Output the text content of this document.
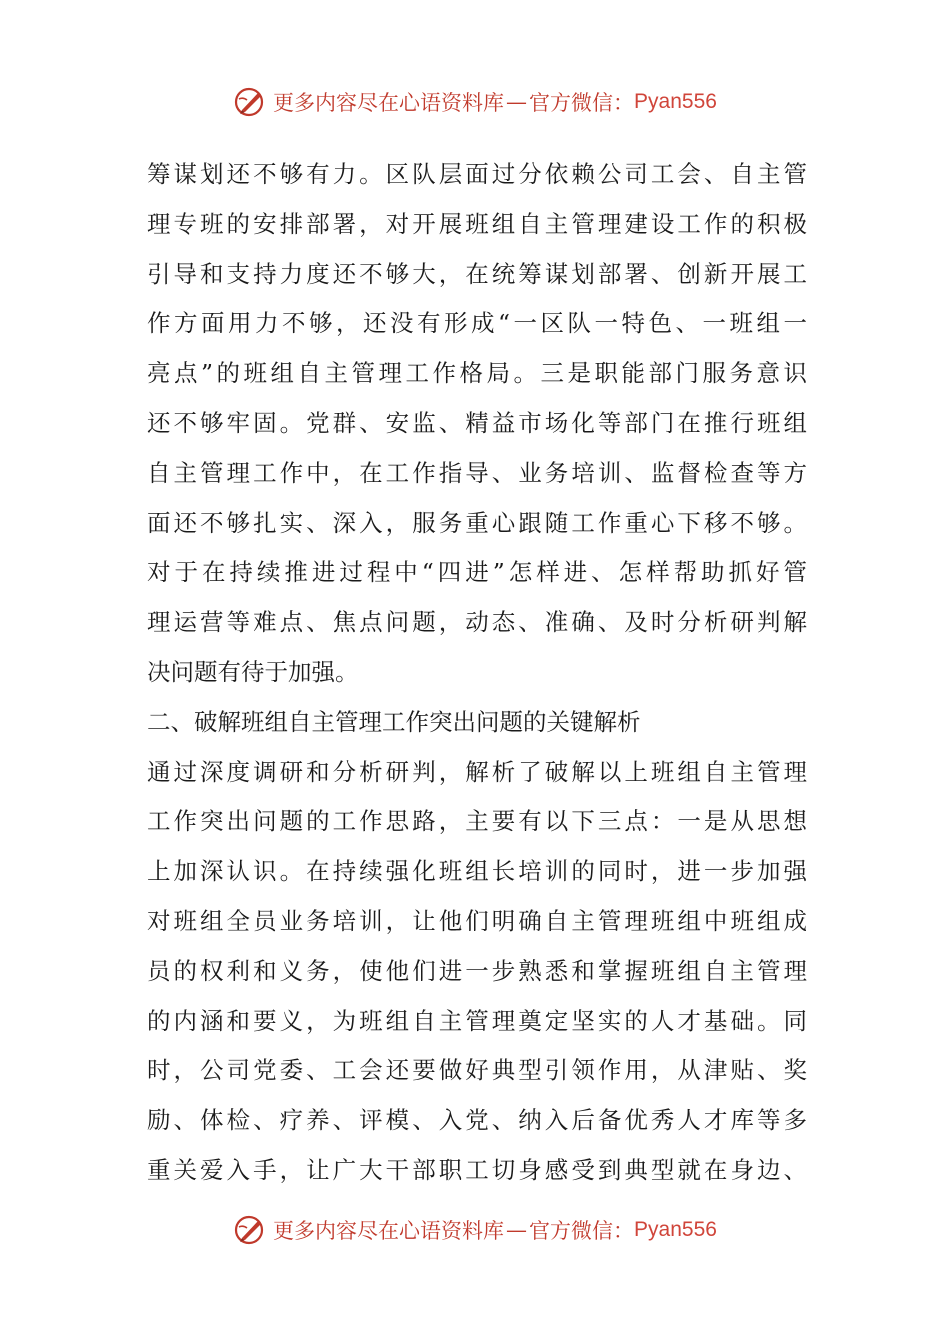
更多内容尽在心语资料库 — 官方微信： Pyan556
筹谋划还不够有力。区队层面过分依赖公司工会、自主管
理专班的安排部署，对开展班组自主管理建设工作的积极
引导和支持力度还不够大，在统筹谋划部署、创新开展工
作方面用力不够，还没有形成“一区队一特色、一班组一
亮点”的班组自主管理工作格局。三是职能部门服务意识
还不够牢固。党群、安监、精益市场化等部门在推行班组
自主管理工作中，在工作指导、业务培训、监督检查等方
面还不够扎实、深入，服务重心跟随工作重心下移不够。
对于在持续推进过程中“四进”怎样进、怎样帮助抓好管
理运营等难点、焦点问题，动态、准确、及时分析研判解
决问题有待于加强。
二、破解班组自主管理工作突出问题的关键解析
通过深度调研和分析研判，解析了破解以上班组自主管理
工作突出问题的工作思路，主要有以下三点：一是从思想
上加深认识。在持续强化班组长培训的同时，进一步加强
对班组全员业务培训，让他们明确自主管理班组中班组成
员的权利和义务，使他们进一步熟悉和掌握班组自主管理
的内涵和要义，为班组自主管理奠定坚实的人才基础。同
时，公司党委、工会还要做好典型引领作用，从津贴、奖
励、体检、疗养、评模、入党、纳入后备优秀人才库等多
重关爱入手，让广大干部职工切身感受到典型就在身边、
更多内容尽在心语资料库 — 官方微信： Pyan556
